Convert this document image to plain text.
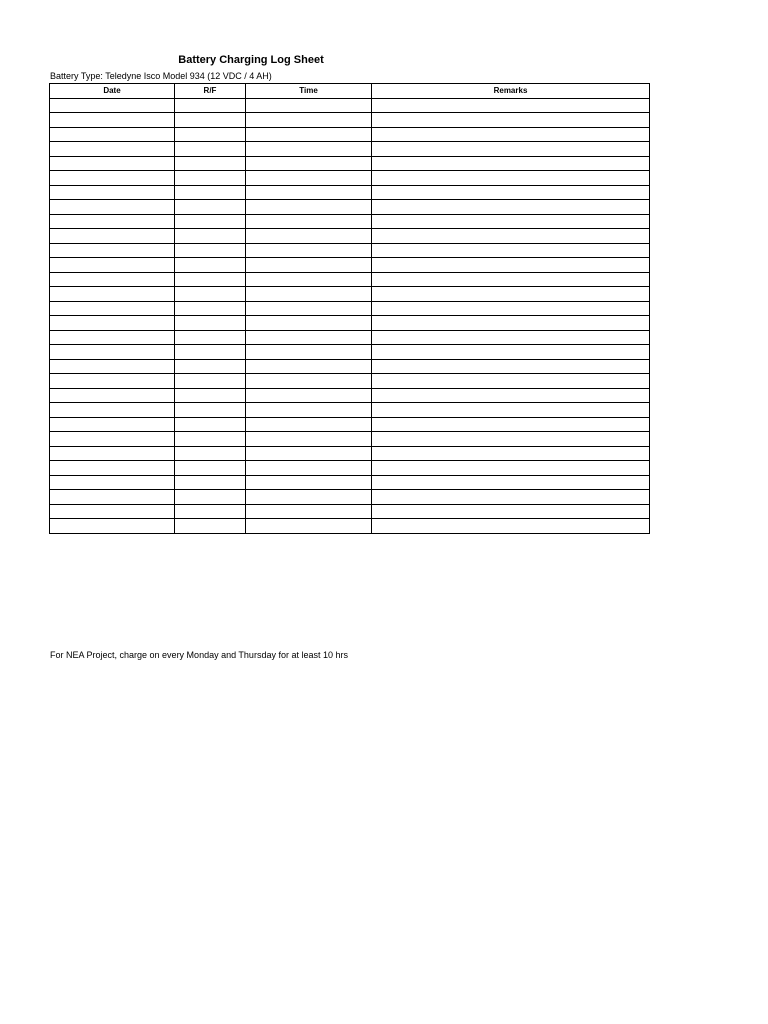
Battery Charging Log Sheet
Battery Type: Teledyne Isco Model 934 (12 VDC / 4 AH)
Date	R/F	Time	Remarks

For NEA Project, charge on every Monday and Thursday for at least 10 hrs
